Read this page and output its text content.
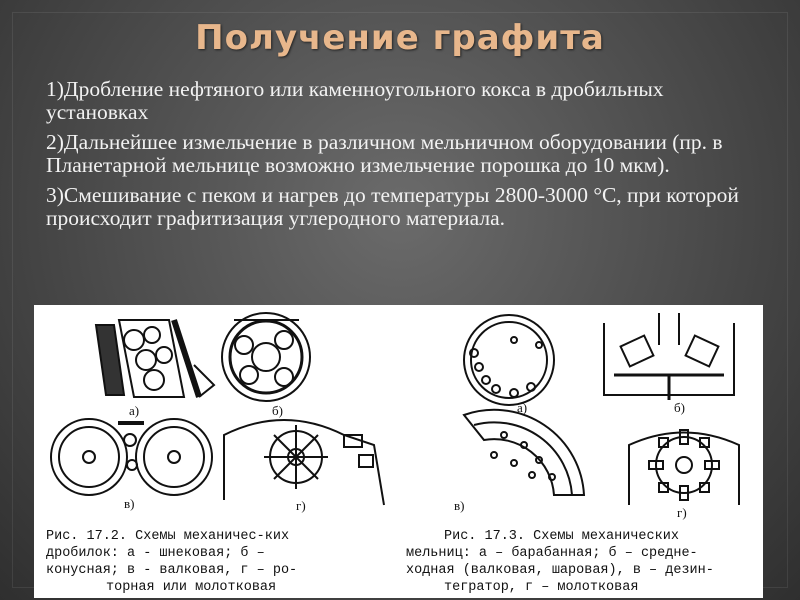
Получение графита

1)Дробление нефтяного или каменноугольного кокса в дробильных установках

2)Дальнейшее измельчение в различном мельничном оборудовании (пр. в Планетарной мельнице возможно измельчение порошка до 10 мкм).

3)Смешивание с пеком и нагрев до температуры 2800-3000 °С, при которой происходит графитизация углеродного материала.

а)	б)
в)	г)
а)	б)
в)	г)
Рис. 17.2. Схемы механичес-ких
дробилок: а - шнековая; б –
конусная; в - валковая, г – ро-
торная или молотковая
Рис. 17.3. Схемы механических
мельниц: а – барабанная; б – средне-
ходная (валковая, шаровая), в – дезин-
тегратор, г – молотковая
